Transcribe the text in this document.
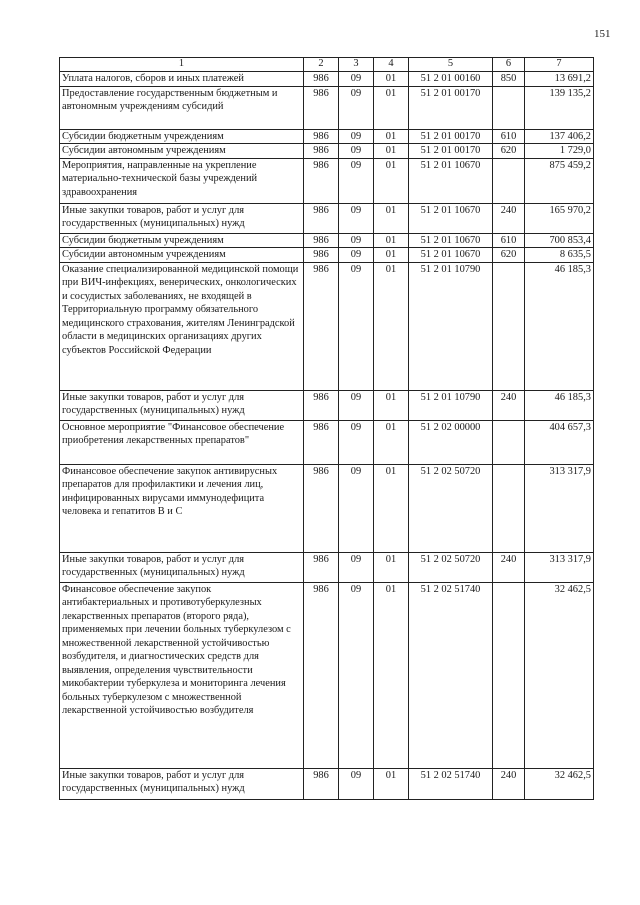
151
1	2	3	4	5	6	7
Уплата налогов, сборов и иных платежей	986	09	01	51 2 01 00160	850	13 691,2
Предоставление государственным бюджетным и автономным учреждениям субсидий	986	09	01	51 2 01 00170		139 135,2
Субсидии бюджетным учреждениям	986	09	01	51 2 01 00170	610	137 406,2
Субсидии автономным учреждениям	986	09	01	51 2 01 00170	620	1 729,0
Мероприятия, направленные на укрепление материально-технической базы учреждений здравоохранения	986	09	01	51 2 01 10670		875 459,2
Иные закупки товаров, работ и услуг для государственных (муниципальных) нужд	986	09	01	51 2 01 10670	240	165 970,2
Субсидии бюджетным учреждениям	986	09	01	51 2 01 10670	610	700 853,4
Субсидии автономным учреждениям	986	09	01	51 2 01 10670	620	8 635,5
Оказание специализированной медицинской помощи при ВИЧ-инфекциях, венерических, онкологических и сосудистых заболеваниях, не входящей в Территориальную программу обязательного медицинского страхования, жителям Ленинградской области в медицинских организациях других субъектов Российской Федерации	986	09	01	51 2 01 10790		46 185,3
Иные закупки товаров, работ и услуг для государственных (муниципальных) нужд	986	09	01	51 2 01 10790	240	46 185,3
Основное мероприятие "Финансовое обеспечение приобретения лекарственных препаратов"	986	09	01	51 2 02 00000		404 657,3
Финансовое обеспечение закупок антивирусных препаратов для профилактики и лечения лиц, инфицированных вирусами иммунодефицита человека и гепатитов В и С	986	09	01	51 2 02 50720		313 317,9
Иные закупки товаров, работ и услуг для государственных (муниципальных) нужд	986	09	01	51 2 02 50720	240	313 317,9
Финансовое обеспечение закупок антибактериальных и противотуберкулезных лекарственных препаратов (второго ряда), применяемых при лечении больных туберкулезом с множественной лекарственной устойчивостью возбудителя, и диагностических средств для выявления, определения чувствительности микобактерии туберкулеза и мониторинга лечения больных туберкулезом с множественной лекарственной устойчивостью возбудителя	986	09	01	51 2 02 51740		32 462,5
Иные закупки товаров, работ и услуг для государственных (муниципальных) нужд	986	09	01	51 2 02 51740	240	32 462,5
